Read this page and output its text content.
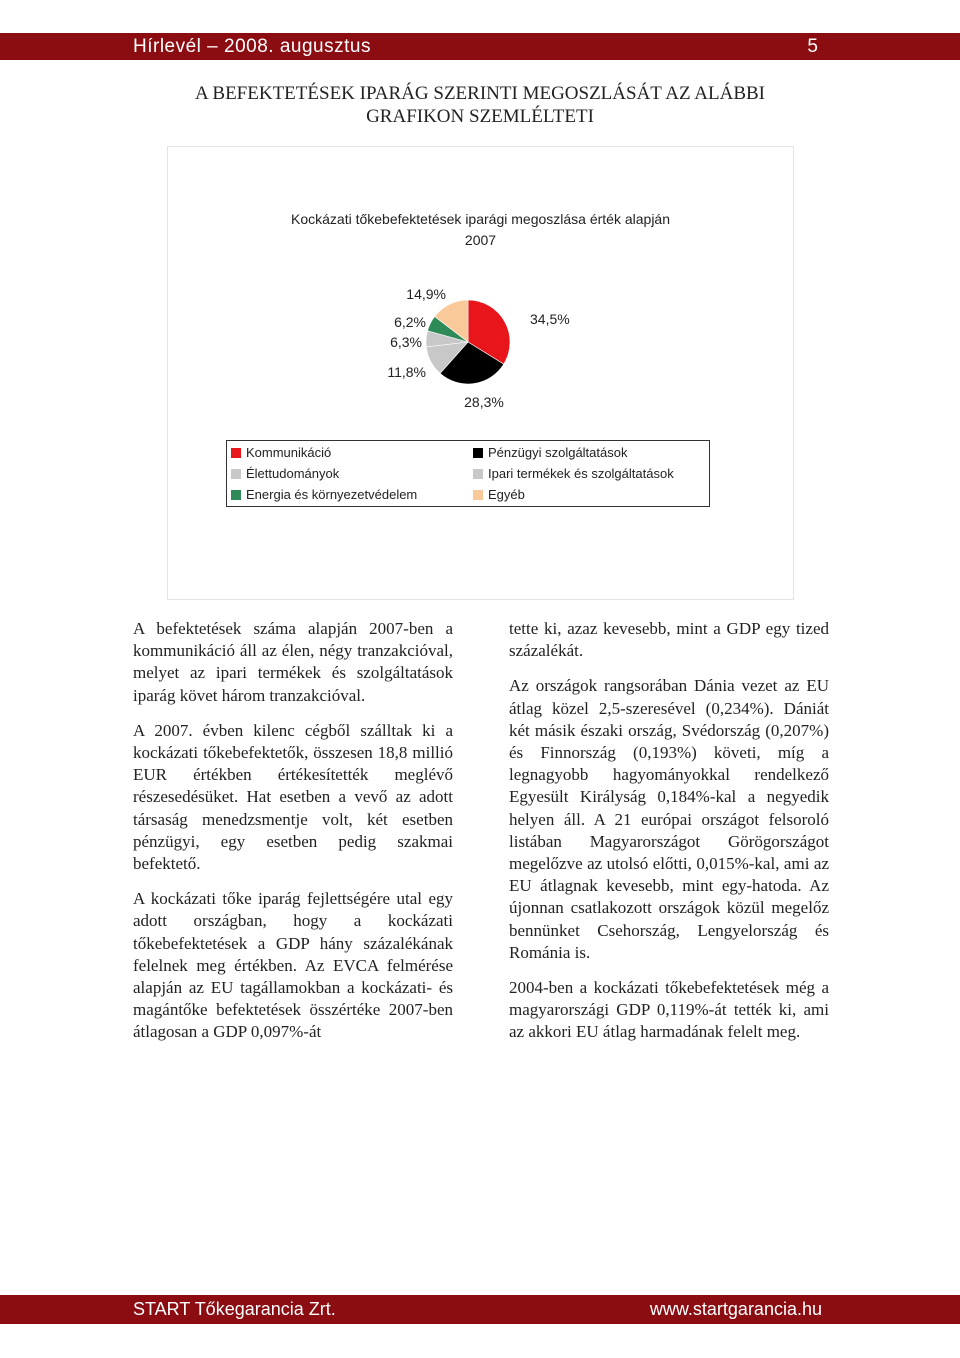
Hírlevél – 2008. augusztus	5
A BEFEKTETÉSEK IPARÁG SZERINTI MEGOSZLÁSÁT AZ ALÁBBI
GRAFIKON SZEMLÉLTETI
Kockázati tőkebefektetések iparági megoszlása érték alapján
2007
34,5%
28,3%
11,8%
6,3%
6,2%
14,9%
Kommunikáció	Pénzügyi szolgáltatások
Élettudományok	Ipari termékek és szolgáltatások
Energia és környezetvédelem	Egyéb

A befektetések száma alapján 2007-ben a kommunikáció áll az élen, négy tranzakcióval, melyet az ipari termékek és szolgáltatások iparág követ három tranzakcióval.

A 2007. évben kilenc cégből szálltak ki a kockázati tőkebefektetők, összesen 18,8 millió EUR értékben értékesítették meglévő részesedésüket. Hat esetben a vevő az adott társaság menedzsmentje volt, két esetben pénzügyi, egy esetben pedig szakmai befektető.

A kockázati tőke iparág fejlettségére utal egy adott országban, hogy a kockázati tőkebefektetések a GDP hány százalékának felelnek meg értékben. Az EVCA felmérése alapján az EU tagállamokban a kockázati- és magántőke befektetések összértéke 2007-ben átlagosan a GDP 0,097%-át

tette ki, azaz kevesebb, mint a GDP egy tized százalékát.

Az országok rangsorában Dánia vezet az EU átlag közel 2,5-szeresével (0,234%). Dániát két másik északi ország, Svédország (0,207%) és Finnország (0,193%) követi, míg a legnagyobb hagyományokkal rendelkező Egyesült Királyság 0,184%-kal a negyedik helyen áll. A 21 európai országot felsoroló listában Magyarországot Görögországot megelőzve az utolsó előtti, 0,015%-kal, ami az EU átlagnak kevesebb, mint egy-hatoda. Az újonnan csatlakozott országok közül megelőz bennünket Csehország, Lengyelország és Románia is.

2004-ben a kockázati tőkebefektetések még a magyarországi GDP 0,119%-át tették ki, ami az akkori EU átlag harmadának felelt meg.

START Tőkegarancia Zrt.	www.startgarancia.hu
